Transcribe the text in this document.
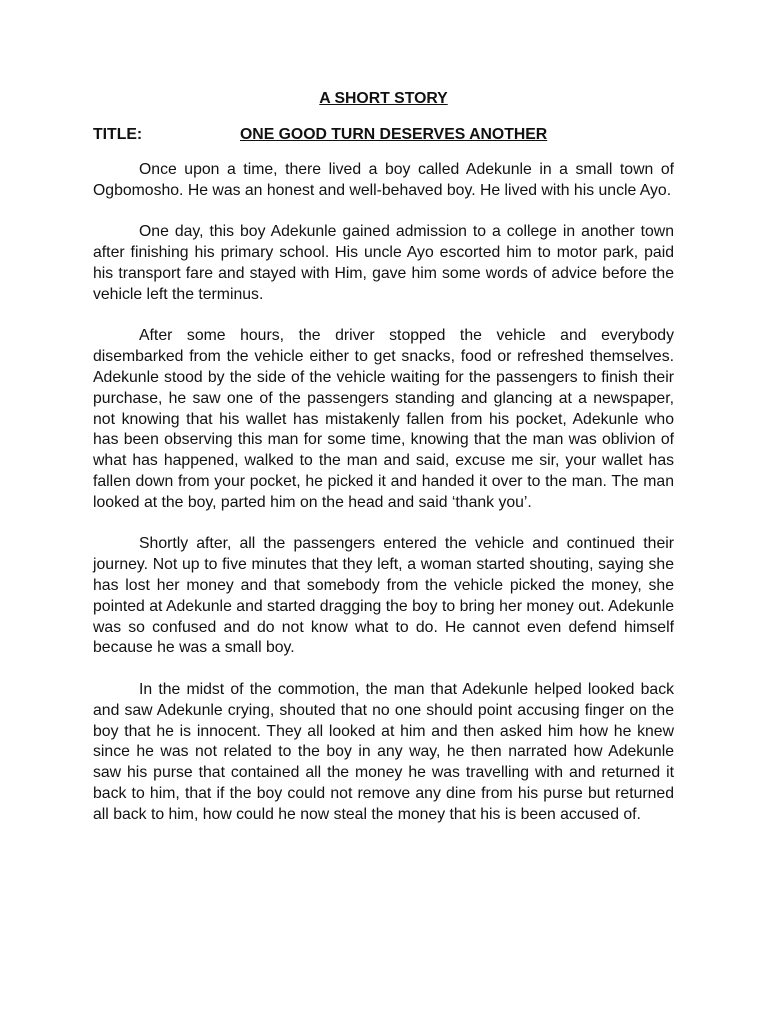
A SHORT STORY

TITLE:	ONE GOOD TURN DESERVES ANOTHER

Once upon a time, there lived a boy called Adekunle in a small town of Ogbomosho. He was an honest and well-behaved boy. He lived with his uncle Ayo.

One day, this boy Adekunle gained admission to a college in another town after finishing his primary school. His uncle Ayo escorted him to motor park, paid his transport fare and stayed with Him, gave him some words of advice before the vehicle left the terminus.

After some hours, the driver stopped the vehicle and everybody disembarked from the vehicle either to get snacks, food or refreshed themselves. Adekunle stood by the side of the vehicle waiting for the passengers to finish their purchase, he saw one of the passengers standing and glancing at a newspaper, not knowing that his wallet has mistakenly fallen from his pocket, Adekunle who has been observing this man for some time, knowing that the man was oblivion of what has happened, walked to the man and said, excuse me sir, your wallet has fallen down from your pocket, he picked it and handed it over to the man. The man looked at the boy, parted him on the head and said ‘thank you’.

Shortly after, all the passengers entered the vehicle and continued their journey. Not up to five minutes that they left, a woman started shouting, saying she has lost her money and that somebody from the vehicle picked the money, she pointed at Adekunle and started dragging the boy to bring her money out. Adekunle was so confused and do not know what to do. He cannot even defend himself because he was a small boy.

In the midst of the commotion, the man that Adekunle helped looked back and saw Adekunle crying, shouted that no one should point accusing finger on the boy that he is innocent. They all looked at him and then asked him how he knew since he was not related to the boy in any way, he then narrated how Adekunle saw his purse that contained all the money he was travelling with and returned it back to him, that if the boy could not remove any dine from his purse but returned all back to him, how could he now steal the money that his is been accused of.
